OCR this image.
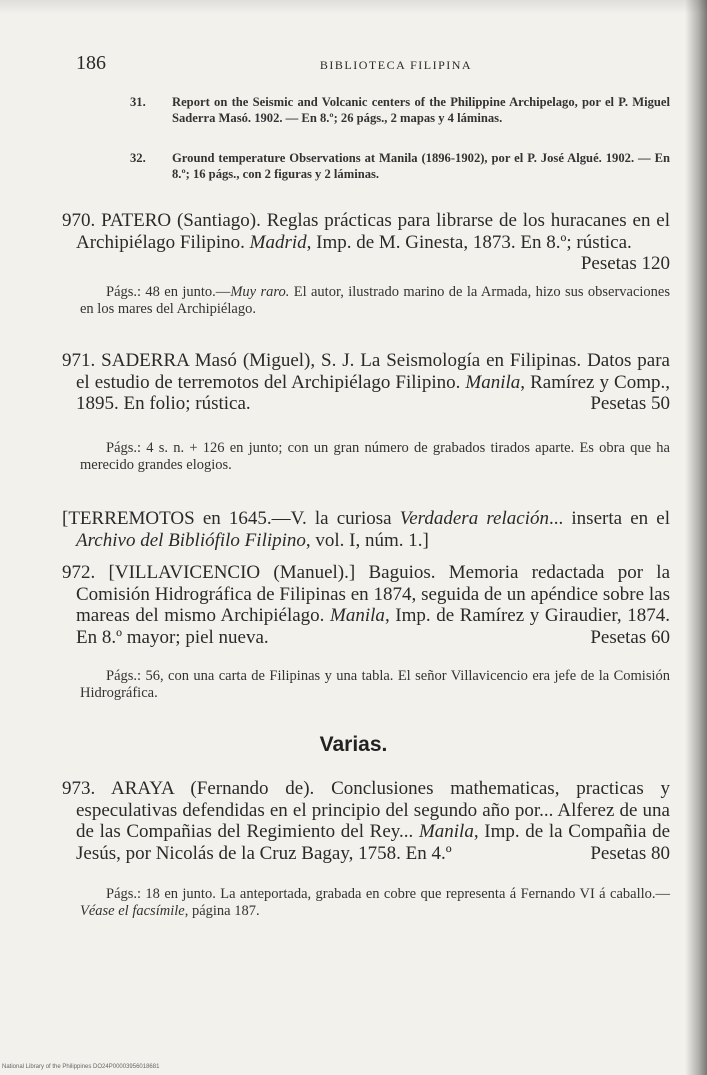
186	BIBLIOTECA FILIPINA
31. Report on the Seismic and Volcanic centers of the Philippine Archipelago, por el P. Miguel Saderra Masó. 1902. — En 8.º; 26 págs., 2 mapas y 4 láminas.
32. Ground temperature Observations at Manila (1896-1902), por el P. José Algué. 1902. — En 8.º; 16 págs., con 2 figuras y 2 láminas.
970. PATERO (Santiago). Reglas prácticas para librarse de los huracanes en el Archipiélago Filipino. Madrid, Imp. de M. Ginesta, 1873. En 8.º; rústica.
Pesetas 120

Págs.: 48 en junto.—Muy raro. El autor, ilustrado marino de la Armada, hizo sus observaciones en los mares del Archipiélago.

971. SADERRA Masó (Miguel), S. J. La Seismología en Filipinas. Datos para el estudio de terremotos del Archipiélago Filipino. Manila, Ramírez y Comp., 1895. En folio; rústica.	Pesetas 50

Págs.: 4 s. n. + 126 en junto; con un gran número de grabados tirados aparte. Es obra que ha merecido grandes elogios.

[TERREMOTOS en 1645.—V. la curiosa Verdadera relación... inserta en el Archivo del Bibliófilo Filipino, vol. I, núm. 1.]
972. [VILLAVICENCIO (Manuel).] Baguios. Memoria redactada por la Comisión Hidrográfica de Filipinas en 1874, seguida de un apéndice sobre las mareas del mismo Archipiélago. Manila, Imp. de Ramírez y Giraudier, 1874. En 8.º mayor; piel nueva.	Pesetas 60

Págs.: 56, con una carta de Filipinas y una tabla. El señor Villavicencio era jefe de la Comisión Hidrográfica.

Varias.
973. ARAYA (Fernando de). Conclusiones mathematicas, practicas y especulativas defendidas en el principio del segundo año por... Alferez de una de las Compañias del Regimiento del Rey... Manila, Imp. de la Compañia de Jesús, por Nicolás de la Cruz Bagay, 1758. En 4.º	Pesetas 80

Págs.: 18 en junto. La anteportada, grabada en cobre que representa á Fernando VI á caballo.—Véase el facsímile, página 187.

National Library of the Philippines DO24P00003956018681
